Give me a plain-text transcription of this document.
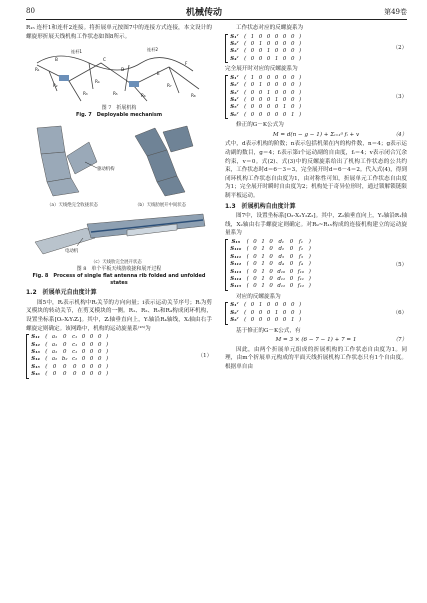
80	机械传动	第49卷

R₁₅ 连杆1和连杆2连接。将折展单元按图7中的连接方式连接，本文设计的螺旋形折展天线机构工作状态如图8所示。

连杆1	连杆2
B	C
D
E
F
R₁
R₂
R₃
R₄
R₅	R₆
R₇
R₈

图 7　折展机构

Fig. 7　Deployable mechanism

驱动机构
（a）天线绝完全收拢状态	（b）天线肋展开中间状态
电动机
（c）天线肋完全展开状态

图 8　单个平板天线肋收拢和展开过程

Fig. 8　Process of single flat antenna rib folded and unfolded states

1.2　折展单元自由度计算

图5中，Rᵢ表示机构中Rᵢ关节的方向向量；i表示运动关节序号；Rᵢ为剪叉模块的转动关节，在剪叉模块的一侧。R₁、R₂、R₃和R₄构成闭环机构，设置坐标系[Oᵢ-XᵢYᵢZᵢ]。其中，Zᵢ轴垂直向上，Yᵢ轴沿R₄轴线，Xᵢ轴由右手螺旋定则确定。该网路中，机构的运动旋量系⁽¹⁶⁾为

S₁₁	(	a₁	0	c₁	0	0	0	)
S₁₂	(	a₁	0	c₁	0	0	0	)
S₁₃	(	a₁	0	c₁	0	0	0	)
S₁₄	(	a₂	b₂	c₂	0	0	0	)
S₁₅	(	0	0	0	0	0	0	)
S₁₆	(	0	0	0	0	0	0	)
（1）

工作状态对应的反螺旋系为

S₁ʳ	(	1	0	0	0	0	0	)
S₂ʳ	(	0	1	0	0	0	0	)
S₃ʳ	(	0	0	1	0	0	0	)
S₄ʳ	(	0	0	0	1	0	0	)
（2）

完全展开时对应的反螺旋系为

S₁ʳ	(	1	0	0	0	0	0	)
S₂ʳ	(	0	1	0	0	0	0	)
S₃ʳ	(	0	0	1	0	0	0	)
S₄ʳ	(	0	0	0	1	0	0	)
S₅ʳ	(	0	0	0	0	1	0	)
S₆ʳ	(	0	0	0	0	0	1	)
（3）

修正的G－K公式为

M = d(n − g − 1) + Σᵢ₌₁ᵍ fᵢ + v	（4）

式中，d表示机构的阶数；n表示包括机架在内的构件数，n＝4；g表示运动副的数目，g＝4；fᵢ表示第i个运动副的自由度，fᵢ＝4；v表示闭合冗余约束，v＝0。式(2)、式(3)中的反螺旋系给出了机构工作状态的公共约束，工作状态时d＝6－3＝3，完全展开时d＝6－4＝2。代入式(4)，得到闭环机构工作状态自由度为1，由对称性可知，折展单元工作状态自由度为1；完全展开时瞬时自由度为2；机构处于奇异位形时，通过锁解锁链限制平板运动。

1.3　折展机构自由度计算

图7中，设置坐标系[O₂-X₂Y₂Z₂]。其中，Z₂轴垂直向上，Y₂轴沿R₁轴线，X₂轴由右手螺旋定则确定。对R₉~R₁₅构成的连接机构建立的运动旋量系为

S₁₉	(	0	1	0	d₁	0	f₁	)
S₁₁₀	(	0	1	0	d₂	0	f₂	)
S₁₁₁	(	0	1	0	d₃	0	f₃	)
S₁₁₂	(	0	1	0	d₄	0	f₄	)
S₁₁₃	(	0	1	0	d₁₀	0	f₁₀	)
S₁₁₄	(	0	1	0	d₁₁	0	f₁₁	)
S₁₁₅	(	0	1	0	d₁₂	0	f₁₂	)
（5）

对应的反螺旋系为

S₁ʳ	(	0	1	0	0	0	0	)
S₂ʳ	(	0	0	0	1	0	0	)
S₃ʳ	(	0	0	0	0	0	1	)
（6）

基于修正的G－K公式，有

M = 3 × (6 − 7 − 1) + 7 = 1	（7）

因此，由两个折展单元组成的折展机构的工作状态自由度为1。同理，由m个折展单元构成的平面天线折展机构工作状态只有1个自由度。根据单自由
